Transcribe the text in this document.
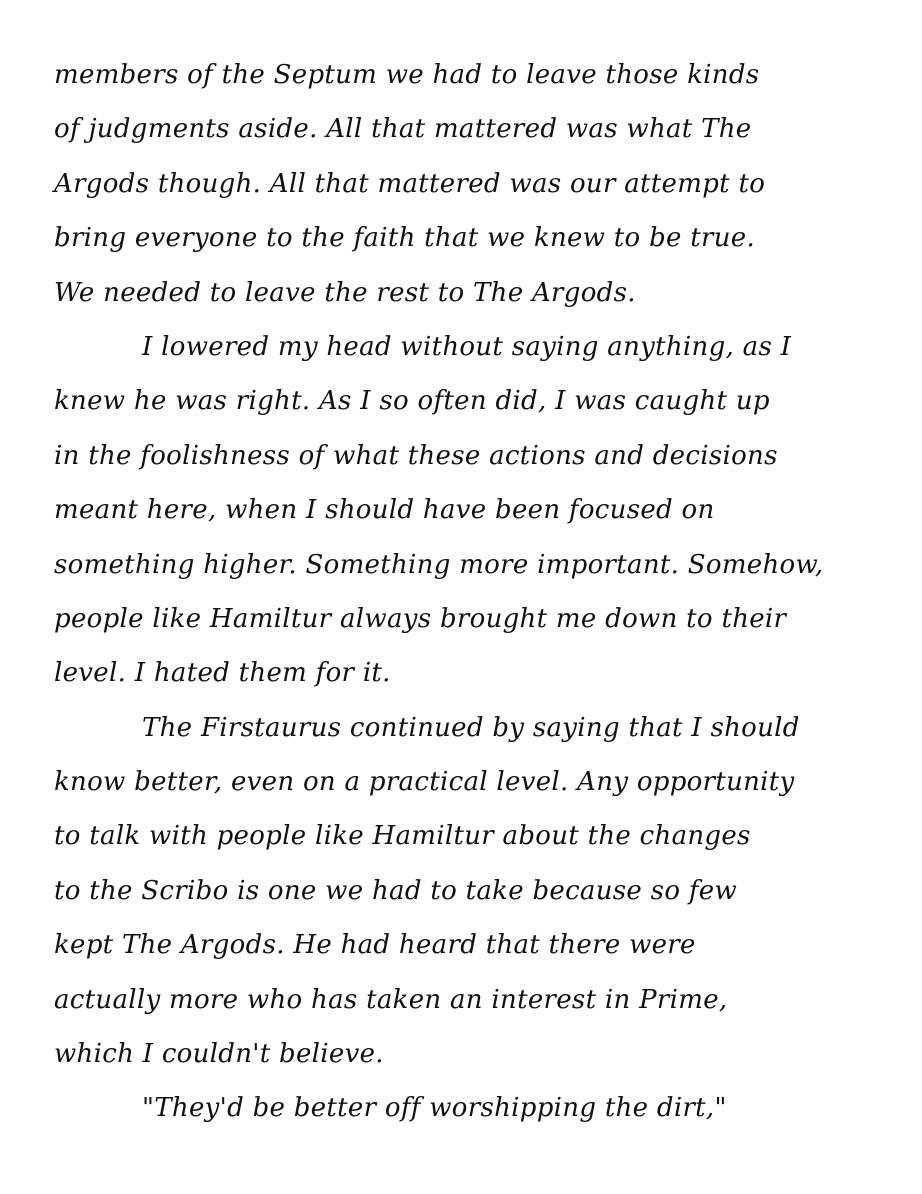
members of the Septum we had to leave those kinds
of judgments aside. All that mattered was what The
Argods though. All that mattered was our attempt to
bring everyone to the faith that we knew to be true.
We needed to leave the rest to The Argods.
I lowered my head without saying anything, as I
knew he was right. As I so often did, I was caught up
in the foolishness of what these actions and decisions
meant here, when I should have been focused on
something higher. Something more important. Somehow,
people like Hamiltur always brought me down to their
level. I hated them for it.
The Firstaurus continued by saying that I should
know better, even on a practical level. Any opportunity
to talk with people like Hamiltur about the changes
to the Scribo is one we had to take because so few
kept The Argods. He had heard that there were
actually more who has taken an interest in Prime,
which I couldn't believe.
"They'd be better off worshipping the dirt,"
